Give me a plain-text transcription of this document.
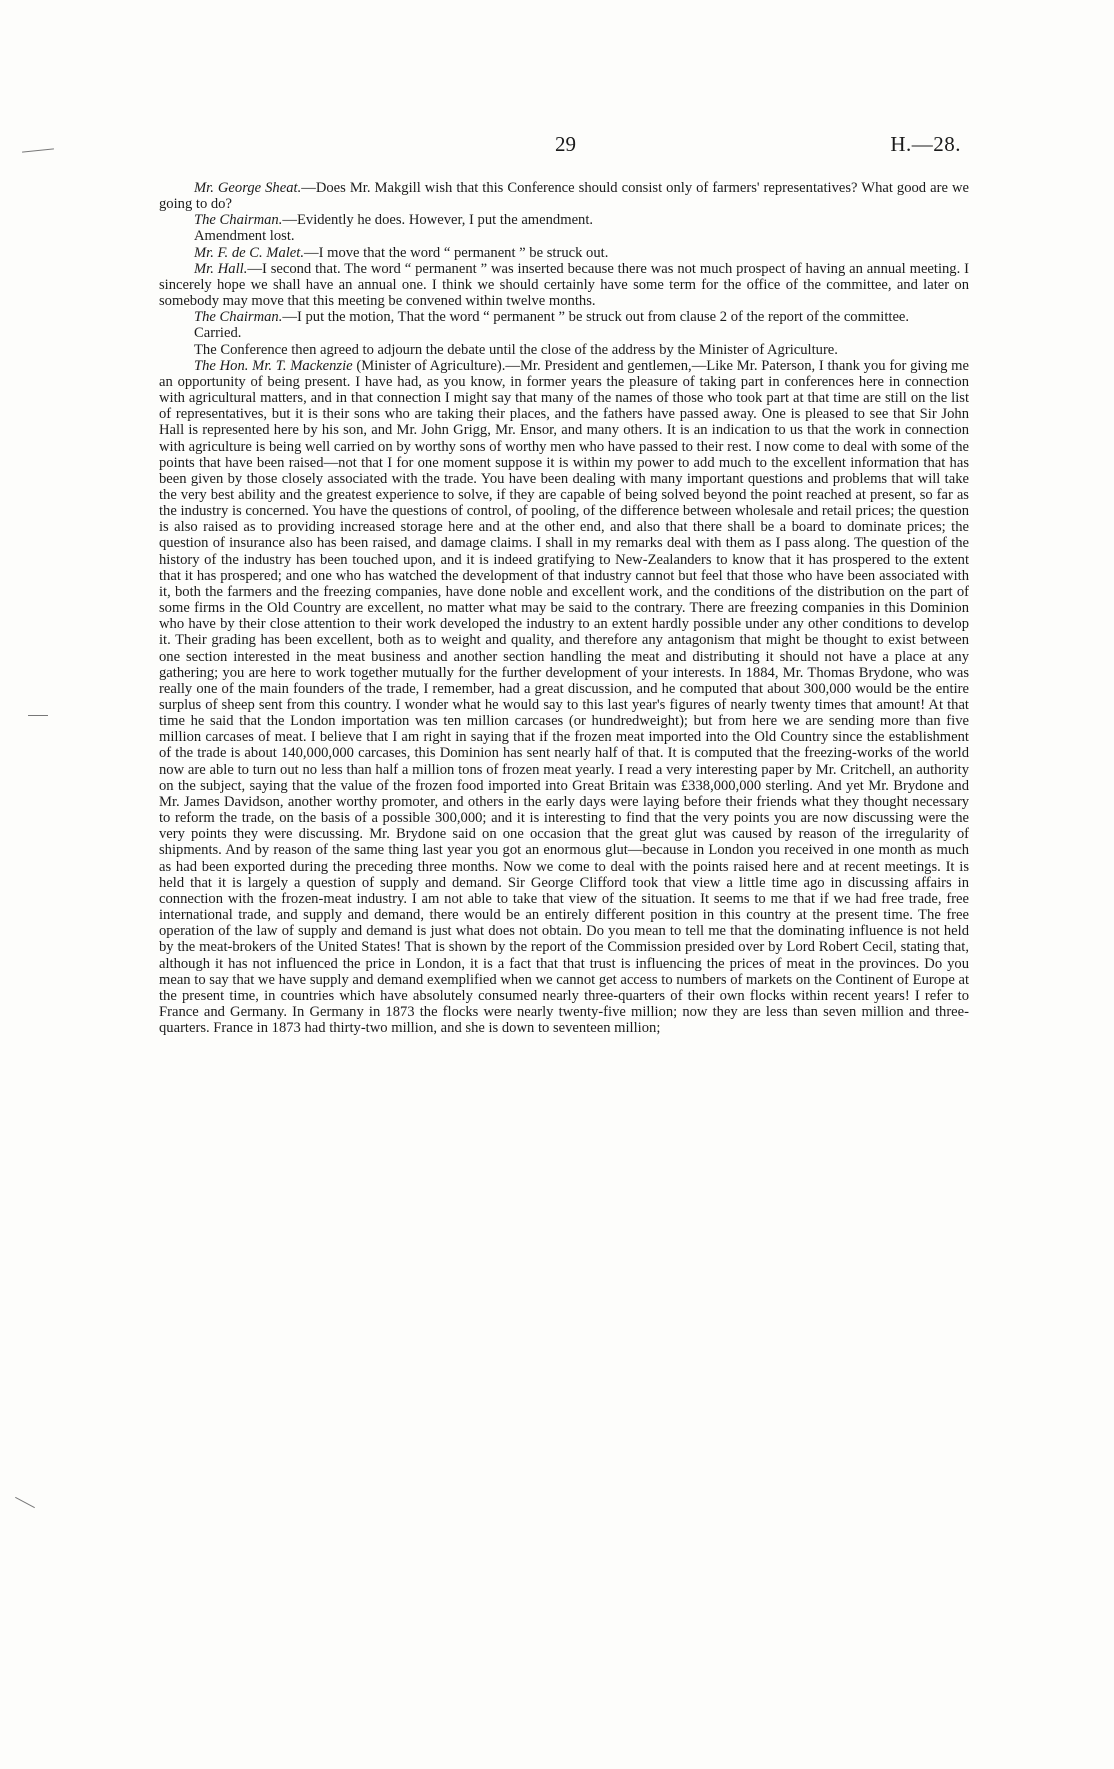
29	H.—28.

Mr. George Sheat.—Does Mr. Makgill wish that this Conference should consist only of farmers' representatives? What good are we going to do?

The Chairman.—Evidently he does. However, I put the amendment.

Amendment lost.

Mr. F. de C. Malet.—I move that the word “ permanent ” be struck out.

Mr. Hall.—I second that. The word “ permanent ” was inserted because there was not much prospect of having an annual meeting. I sincerely hope we shall have an annual one. I think we should certainly have some term for the office of the committee, and later on somebody may move that this meeting be convened within twelve months.

The Chairman.—I put the motion, That the word “ permanent ” be struck out from clause 2 of the report of the committee.

Carried.

The Conference then agreed to adjourn the debate until the close of the address by the Minister of Agriculture.

The Hon. Mr. T. Mackenzie (Minister of Agriculture).—Mr. President and gentlemen,—Like Mr. Paterson, I thank you for giving me an opportunity of being present. I have had, as you know, in former years the pleasure of taking part in conferences here in connection with agricultural matters, and in that connection I might say that many of the names of those who took part at that time are still on the list of representatives, but it is their sons who are taking their places, and the fathers have passed away. One is pleased to see that Sir John Hall is represented here by his son, and Mr. John Grigg, Mr. Ensor, and many others. It is an indication to us that the work in connection with agriculture is being well carried on by worthy sons of worthy men who have passed to their rest. I now come to deal with some of the points that have been raised—not that I for one moment suppose it is within my power to add much to the excellent information that has been given by those closely associated with the trade. You have been dealing with many important questions and problems that will take the very best ability and the greatest experience to solve, if they are capable of being solved beyond the point reached at present, so far as the industry is concerned. You have the questions of control, of pooling, of the difference between wholesale and retail prices; the question is also raised as to providing increased storage here and at the other end, and also that there shall be a board to dominate prices; the question of insurance also has been raised, and damage claims. I shall in my remarks deal with them as I pass along. The question of the history of the industry has been touched upon, and it is indeed gratifying to New-Zealanders to know that it has prospered to the extent that it has prospered; and one who has watched the development of that industry cannot but feel that those who have been associated with it, both the farmers and the freezing companies, have done noble and excellent work, and the conditions of the distribution on the part of some firms in the Old Country are excellent, no matter what may be said to the contrary. There are freezing companies in this Dominion who have by their close attention to their work developed the industry to an extent hardly possible under any other conditions to develop it. Their grading has been excellent, both as to weight and quality, and therefore any antagonism that might be thought to exist between one section interested in the meat business and another section handling the meat and distributing it should not have a place at any gathering; you are here to work together mutually for the further development of your interests. In 1884, Mr. Thomas Brydone, who was really one of the main founders of the trade, I remember, had a great discussion, and he computed that about 300,000 would be the entire surplus of sheep sent from this country. I wonder what he would say to this last year's figures of nearly twenty times that amount! At that time he said that the London importation was ten million carcases (or hundredweight); but from here we are sending more than five million carcases of meat. I believe that I am right in saying that if the frozen meat imported into the Old Country since the establishment of the trade is about 140,000,000 carcases, this Dominion has sent nearly half of that. It is computed that the freezing-works of the world now are able to turn out no less than half a million tons of frozen meat yearly. I read a very interesting paper by Mr. Critchell, an authority on the subject, saying that the value of the frozen food imported into Great Britain was £338,000,000 sterling. And yet Mr. Brydone and Mr. James Davidson, another worthy promoter, and others in the early days were laying before their friends what they thought necessary to reform the trade, on the basis of a possible 300,000; and it is interesting to find that the very points you are now discussing were the very points they were discussing. Mr. Brydone said on one occasion that the great glut was caused by reason of the irregularity of shipments. And by reason of the same thing last year you got an enormous glut—because in London you received in one month as much as had been exported during the preceding three months. Now we come to deal with the points raised here and at recent meetings. It is held that it is largely a question of supply and demand. Sir George Clifford took that view a little time ago in discussing affairs in connection with the frozen-meat industry. I am not able to take that view of the situation. It seems to me that if we had free trade, free international trade, and supply and demand, there would be an entirely different position in this country at the present time. The free operation of the law of supply and demand is just what does not obtain. Do you mean to tell me that the dominating influence is not held by the meat-brokers of the United States! That is shown by the report of the Commission presided over by Lord Robert Cecil, stating that, although it has not influenced the price in London, it is a fact that that trust is influencing the prices of meat in the provinces. Do you mean to say that we have supply and demand exemplified when we cannot get access to numbers of markets on the Continent of Europe at the present time, in countries which have absolutely consumed nearly three-quarters of their own flocks within recent years! I refer to France and Germany. In Germany in 1873 the flocks were nearly twenty-five million; now they are less than seven million and three-quarters. France in 1873 had thirty-two million, and she is down to seventeen million;
